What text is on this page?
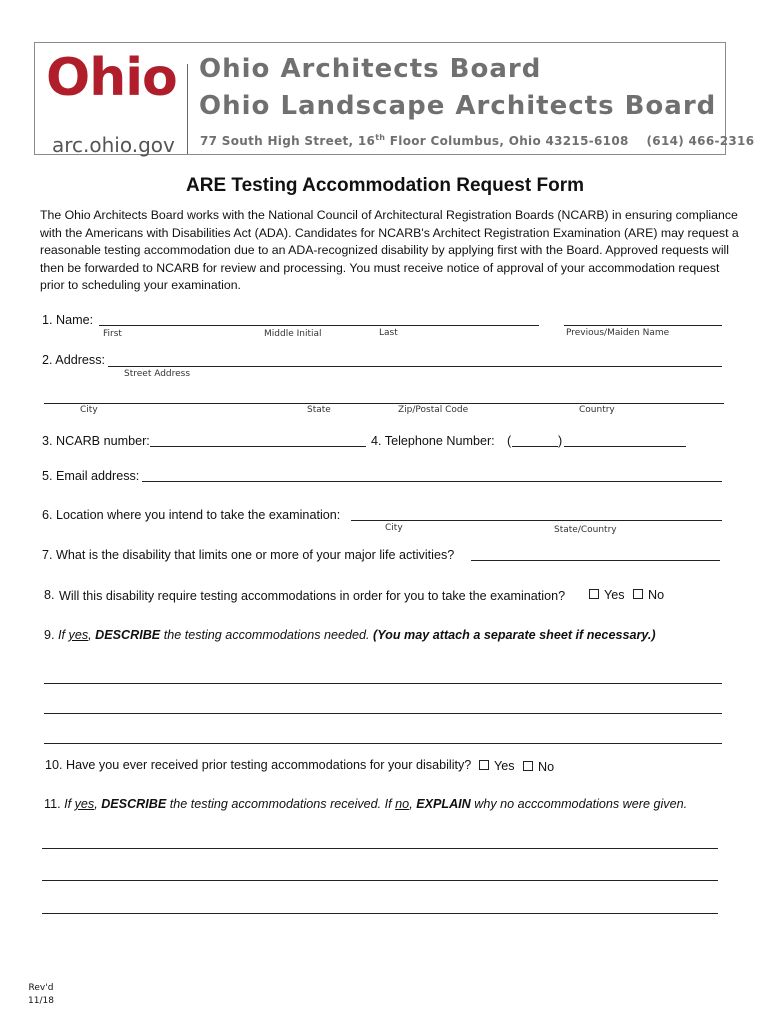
Ohio
arc.ohio.gov
Ohio Architects Board
Ohio Landscape Architects Board
77 South High Street, 16th Floor Columbus, Ohio 43215-6108    (614) 466-2316
ARE Testing Accommodation Request Form
The Ohio Architects Board works with the National Council of Architectural Registration Boards (NCARB) in ensuring compliance with the Americans with Disabilities Act (ADA). Candidates for NCARB's Architect Registration Examination (ARE) may request a reasonable testing accommodation due to an ADA-recognized disability by applying first with the Board. Approved requests will then be forwarded to NCARB for review and processing. You must receive notice of approval of your accommodation request prior to scheduling your examination.
1. Name:
First	Middle Initial	Last	Previous/Maiden Name
2. Address:
Street Address
City	State	Zip/Postal Code	Country
3. NCARB number:	4. Telephone Number: (	)
5. Email address:
6. Location where you intend to take the examination:
City	State/Country
7. What is the disability that limits one or more of your major life activities?
8. Will this disability require testing accommodations in order for you to take the examination?	Yes	No
9. If yes, DESCRIBE the testing accommodations needed. (You may attach a separate sheet if necessary.)
10. Have you ever received prior testing accommodations for your disability?	Yes	No
11. If yes, DESCRIBE the testing accommodations received. If no, EXPLAIN why no acccommodations were given.
Rev'd
11/18
